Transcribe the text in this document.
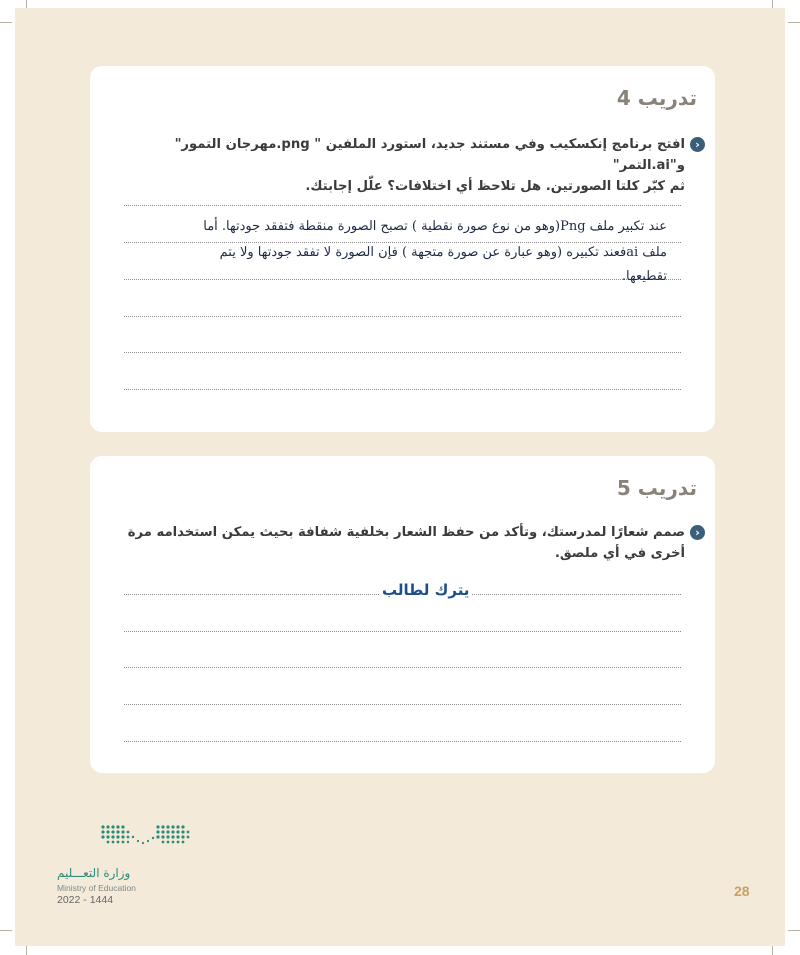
تدريب 4
‹
افتح برنامج إنكسكيب وفي مستند جديد، استورد الملفين " png.مهرجان التمور" و"ai.التمر"
ثم كبّر كلتا الصورتين. هل تلاحظ أي اختلافات؟ علّل إجابتك.
عند تكبير ملف Png(وهو من نوع صورة نقطية ) تصبح الصورة منقطة فتفقد جودتها. أما
ملف aiفعند تكبيره (وهو عبارة عن صورة متجهة ) فإن الصورة لا تفقد جودتها ولا يتم
تقطيعها.
تدريب 5
‹
صمم شعارًا لمدرستك، وتأكد من حفظ الشعار بخلفية شفافة بحيث يمكن استخدامه مرة
أخرى في أي ملصق.
يترك لطالب
وزارة التعـــليم
Ministry of Education
2022 - 1444
28
